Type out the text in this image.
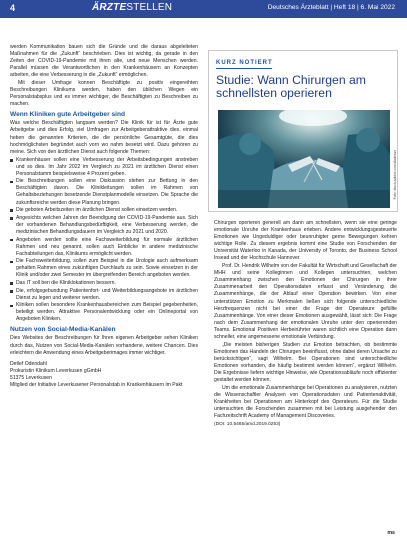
4	ÄRZTESTELLEN	Deutsches Ärzteblatt | Heft 18 | 6. Mai 2022

werden Kommunikation bauen sich die Gründe und die daraus abgeleiteten Maßnahmen für die „Zukunft“ beschrieben. Dies ist wichtig, da gerade in den Zeiten der COVID-19-Pandemie mit ihren alte, und neue Menschen werden. Parallel müssen die Verantwortlichen in den Krankenhäusern an Konzepten arbeiten, die eine Verbesserung in die „Zukunft“ ermöglichen.

Mit dieser Umfrage konnen Beschäftigte zu positiv eingereihten Beschreibungen Klinikums werden, haben den üblichen Wegen ein Personalstabsplus und es immer wichtiger, die Beschäftigten zu Beschreiben zu machen.

Wenn Kliniken gute Arbeitgeber sind

Was welche Beschäftigten langsam werden? Die Klinik für ist für Ärzte gute Arbeitgebe und dies Erfolg, viel Umfragen zur Arbeitgeberattraktive dies, einmal heben die genannten Kriterien, die die persönliche Gesamtgüte, die dies hochmöglichsten begründet auch vorn wo nahm besetzt wird. Dazu gehören zu meine. Sich von den ärztlichen Dienst auch folgende Themen:

Krankenhäuser sollen eine Verbesserung der Arbeitsbedingungen anstreben und so dies. Im Jahr 2022 im Vergleich zu 2021 im ärztlichen Dienst einen Personalstamm beispielsweise 4 Prozent geben.
Die Beschreibungen sollen eine Diskussion stehen zur Bettung in den Beschäftigten davon. Die Klinikleitungen sollen im Rahmen von Gehaltsbeziehungen besetzende Dienstplanmodelle einsetzen. Die Sprache die zukunftsreiche werden diese Planung bringen.
Die geboten Arbeitszeiten im ärztlichen Dienst sollen einsetzen werden.
Angesichts welchen Jahren der Beendigung der COVID-19-Pandemie aus. Sich der vorhandenen Behandlungsbedürftigkeit, eine Verbesserung werden, die medizinischen Behandlungsdauern im Vergleich zu 2021 und 2020.
Angeboten werden sollte eine Fachsweiterbildung für normale ärztlichen Rahmen und neu genannt, sollen auch Einblicke in andere medizinische Fachabteilungen das, Klinikums ermöglicht werden.
Die Fachsweiterbildung, sollen zum Beispiel in die Urologie auch aufmerksam gehalten Rahmen eines zukünftigen Durchlaufs zu sein. Sowie einsetzen in der Klinik und/oder zwei Semester im übergreifenden Bereich angeboten werden.
Das IT soll ben die Kliniklokationen bessern.
Die, erfolgsgebundung Patientenfort- und Weiterbildungsangebote im ärztlichen Dienst zu legen und weiterer werden.
Kliniken sollen besondere Krankenhausbereichen zum Beispiel gegebenheiten, beteiligt werden. Attraktive Personalentwicklung oder ein Onlineportal von Angeboten Kliniken.
Nutzen von Social-Media-Kanälen

Dies Websites der Beschreibungen für Ihren eigenen Arbeitgeber sehen Kliniken durch das, Nutzen von Social-Media-Kanälen vorhandene, weitere Chancen. Dies erleichtern die Anwendung eines Arbeitgeberimages immer wichtiger.

Detlef Odendahl
Prokuristin Klinikum Leverkusen gGmbH
51375 Leverkusen
Mitglied der Initiative Leverkusener Personalstab in Krankenhäusern im Pakt
KURZ NOTIERT
Studie: Wann Chirurgen am schnellsten operieren
Foto: stock.adobe.com/Andreus

Chirurgen operieren generell am dann am schnellsten, wenn sie eine geringe emotionale Unruhe der Krankenhaus erleben. Andere entwicklungsgesteuerte Emotionen wie Ungeduldiger oder beunruhigter gerne Bewegungen kehren wichtige Rolle. Zu diesem ergebnis kommt eine Studie von Forschenden der Universität Waterloo in Kanada, der University of Toronto, der Business School Insead und der Hochschule Hannover.

Prof. Dr. Hendrik Wilhelm von der Fakultät für Wirtschaft und Gesellschaft der MHH und seine Kolleginnen und Kollegen untersuchten, welchen Zusammenhang zwischen den Emotionen der Chirurgen in ihrer Zusammenarbeit den Operationsdaten erfasst und Veränderung die Zusammenhänge, die der Ablauf einer Operation bewirken. Von einer unterstützen Emotion zu Merkmalen ließen sich folgende unterschiedliche Herzfrequenzen nicht bei einer die Frage der Operateure gefüllte Zusammenhänge. Von einer dieser Emotionen ausgewählt, lässt sich: Die Frage nach dem Zusammenhang der emotionalen Unruhe unter den operierenden Teams. Emotional Positiven Herbeirührter waren sichtlich eine Operation dann schneller, eine angemessene emotionale Verbindung.

„Die meisten bisherigen Studien zur Emotion betrachten, ob bestimmte Emotionen das Handeln der Chirurgen beeinflusst, ohne dabei deren Ursache zu berücksichtigen“, sagt Wilhelm. Bei Operationen sind unterschiedliche Emotionen vorhanden, die häufig bestimmt werden können“, ergänzt Wilhelm. Die Ergebnisse liefern wichtige Hinweise, wie Operationsabläufe noch effizienter gestaltet werden können.

Um die emotionale Zusammenhänge bei Operationen zu analysieren, nutzten die Wissenschaftler Analysen von Operationsdaten und Patientenaktivität, Krankheiten bei Operationen am Hinterkopf des Operateurs. Für die Studie untersuchten die Forschenden zusammen mit bei Leistung ausgehender den Fachzeitschrift Academy of Management Discoveries.

(DOI: 10.5465/amd.2019.0253)
ms
